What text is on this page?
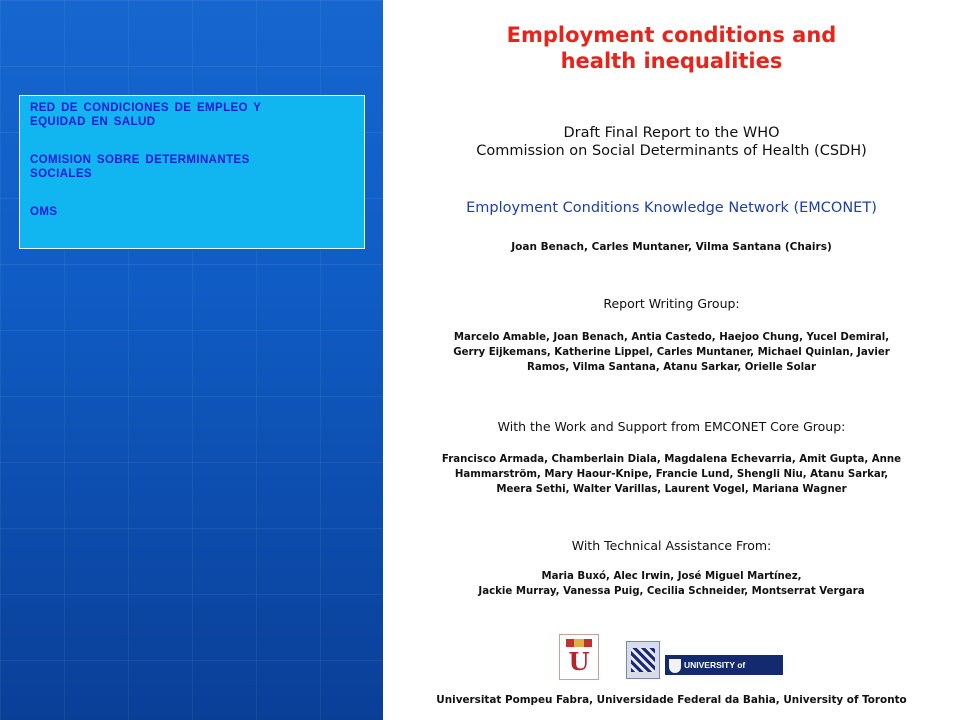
RED DE CONDICIONES DE EMPLEO Y
EQUIDAD EN SALUD
COMISION SOBRE DETERMINANTES
SOCIALES
OMS
Employment conditions and
health inequalities
Draft Final Report to the WHO
Commission on Social Determinants of Health (CSDH)
Employment Conditions Knowledge Network (EMCONET)
Joan Benach, Carles Muntaner, Vilma Santana (Chairs)
Report Writing Group:
Marcelo Amable, Joan Benach, Antia Castedo, Haejoo Chung, Yucel Demiral,
Gerry Eijkemans, Katherine Lippel, Carles Muntaner, Michael Quinlan, Javier
Ramos, Vilma Santana, Atanu Sarkar, Orielle Solar
With the Work and Support from EMCONET Core Group:
Francisco Armada, Chamberlain Diala, Magdalena Echevarria, Amit Gupta, Anne
Hammarström, Mary Haour-Knipe, Francie Lund, Shengli Niu, Atanu Sarkar,
Meera Sethi, Walter Varillas, Laurent Vogel, Mariana Wagner
With Technical Assistance From:
Maria Buxó, Alec Irwin, José Miguel Martínez,
Jackie Murray, Vanessa Puig, Cecilia Schneider, Montserrat Vergara
U	UNIVERSITY of TORONTO
Universitat Pompeu Fabra, Universidade Federal da Bahia, University of Toronto
